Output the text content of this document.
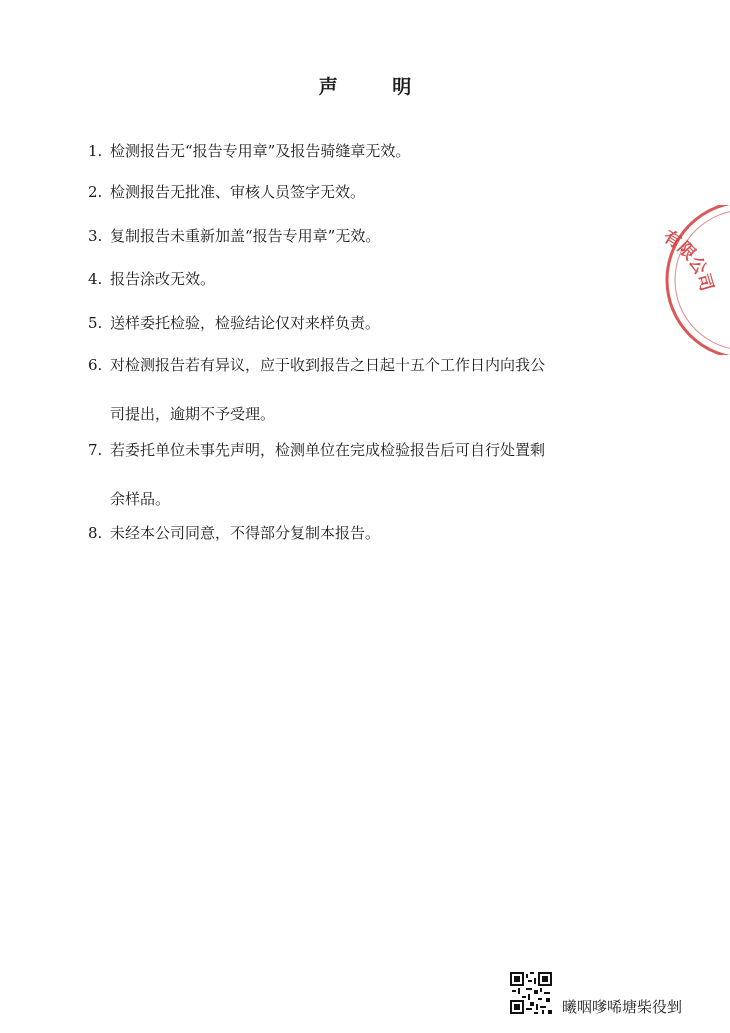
声 明
1. 检测报告无“报告专用章”及报告骑缝章无效。
2. 检测报告无批准、审核人员签字无效。
3. 复制报告未重新加盖“报告专用章”无效。
4. 报告涂改无效。
5. 送样委托检验，检验结论仅对来样负责。
6. 对检测报告若有异议，应于收到报告之日起十五个工作日内向我公
司提出，逾期不予受理。
7. 若委托单位未事先声明，检测单位在完成检验报告后可自行处置剩
余样品。
8. 未经本公司同意，不得部分复制本报告。
有限公司
曦咽嗲唏塘柴役剉
